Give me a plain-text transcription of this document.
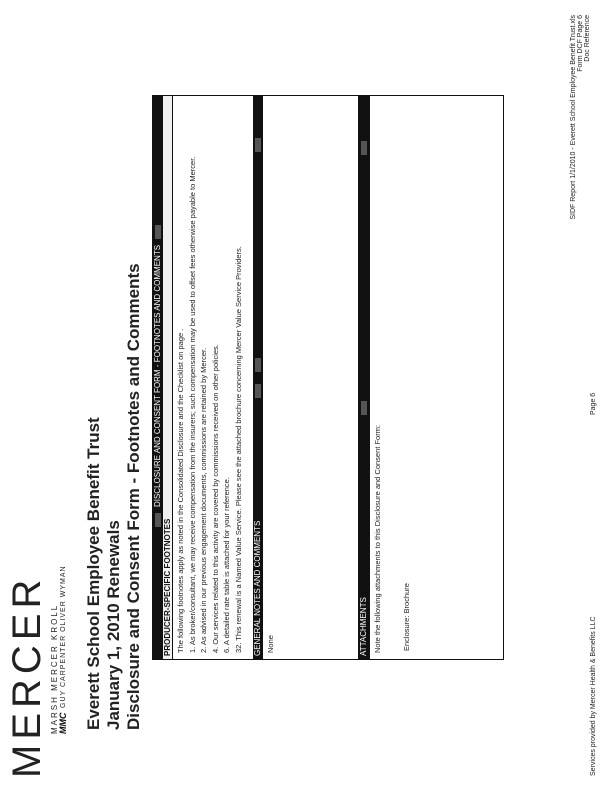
MERCER MARSH MERCER KROLL MMC
GUY CARPENTER OLIVER WYMAN Everett School Employee Benefit Trust January 1, 2010 Renewals Disclosure and Consent Form - Footnotes and Comments DISCLOSURE AND CONSENT FORM - FOOTNOTES AND COMMENTS
PRODUCER-SPECIFIC FOOTNOTES The following footnotes apply as noted in the Consolidated Disclosure and the Checklist on page . 1. As broker/consultant, we may receive compensation from the insurers; such compensation may be used to offset fees otherwise payable to Mercer. 2. As advised in our previous engagement documents, commissions are retained by Mercer. 4. Our services related to this activity are covered by commissions received on other policies. 6. A detailed rate table is attached for your reference. 32. This renewal is a Named Value Service. Please see the attached brochure concerning Mercer Value Service Providers. GENERAL NOTES AND COMMENTS None	ATTACHMENTS Note the following attachments to this Disclosure and Consent Form:	Enclosure: Brochure	Services provided by Mercer Health & Benefits LLC
Page 6
SIDF Report 1/1/2010 - Everett School Employee Benefit Trust.xls Form DCF Page 6 Doc Reference
